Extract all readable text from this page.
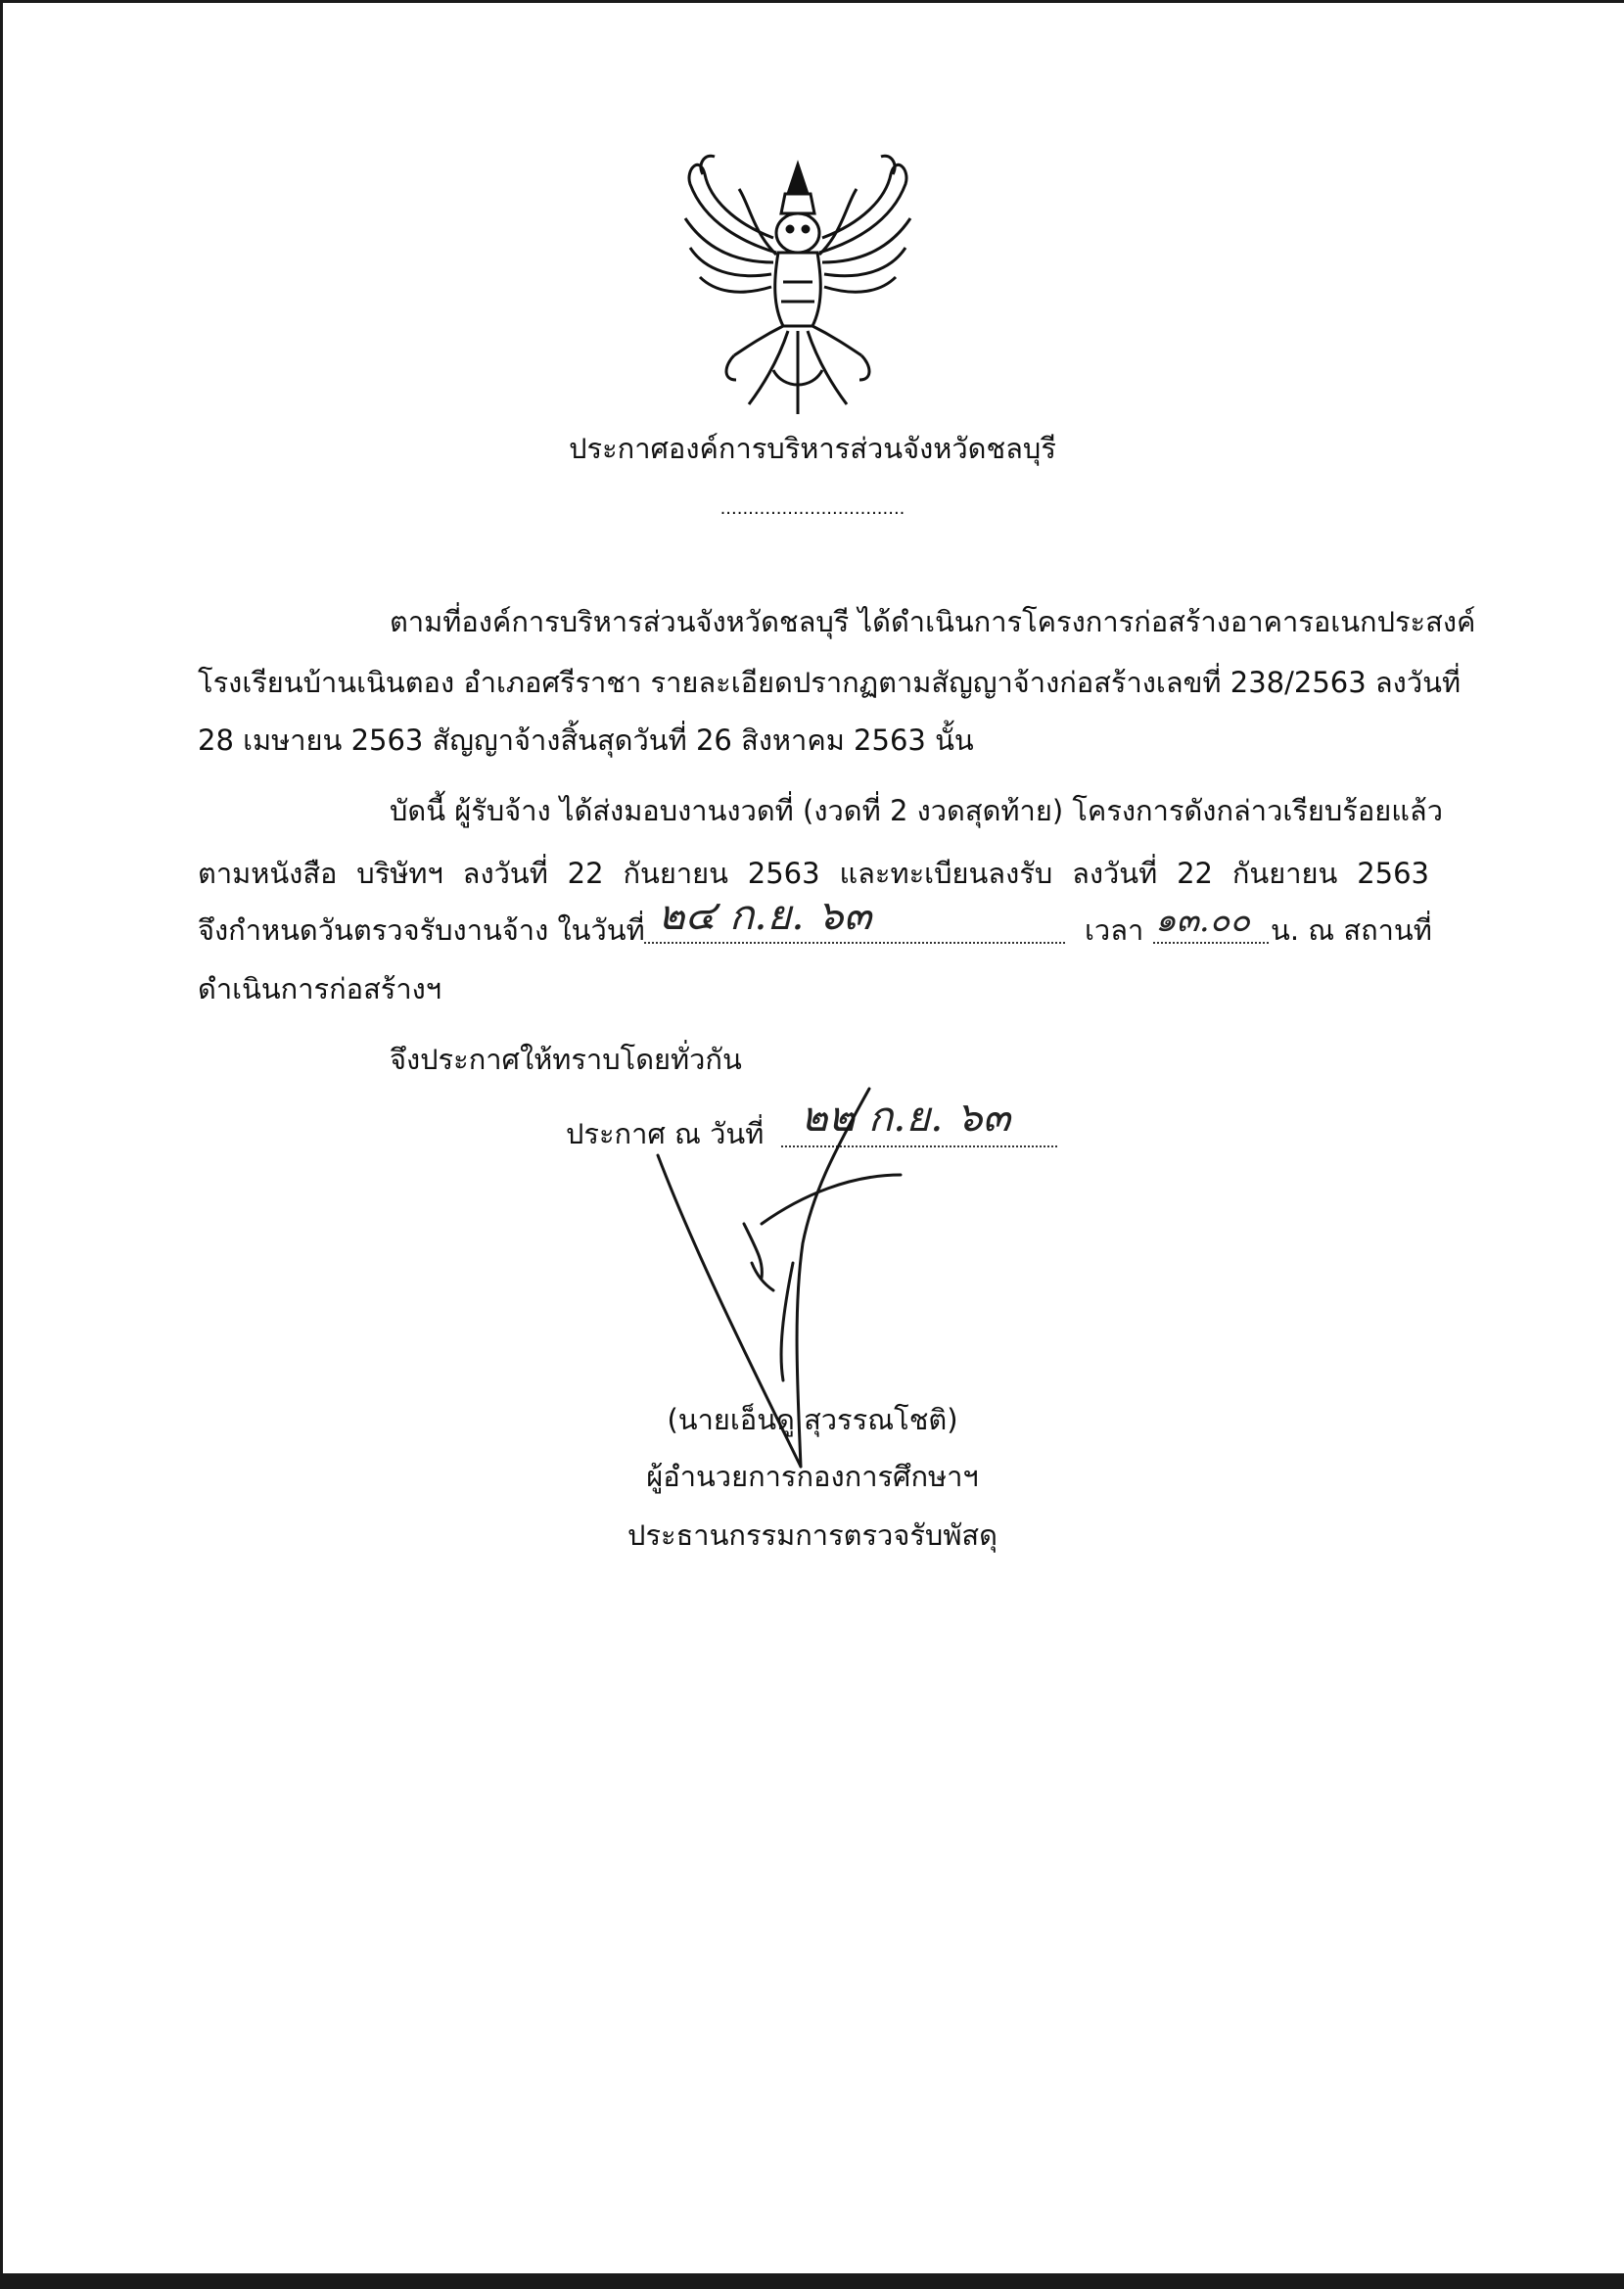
ประกาศองค์การบริหารส่วนจังหวัดชลบุรี
.................................
ตามที่องค์การบริหารส่วนจังหวัดชลบุรี ได้ดำเนินการโครงการก่อสร้างอาคารอเนกประสงค์
โรงเรียนบ้านเนินตอง อำเภอศรีราชา รายละเอียดปรากฏตามสัญญาจ้างก่อสร้างเลขที่ 238/2563 ลงวันที่
28 เมษายน 2563 สัญญาจ้างสิ้นสุดวันที่ 26 สิงหาคม 2563 นั้น
บัดนี้ ผู้รับจ้าง ได้ส่งมอบงานงวดที่ (งวดที่ 2 งวดสุดท้าย) โครงการดังกล่าวเรียบร้อยแล้ว
ตามหนังสือ บริษัทฯ ลงวันที่ 22 กันยายน 2563 และทะเบียนลงรับ ลงวันที่ 22 กันยายน 2563
จึงกำหนดวันตรวจรับงานจ้าง ในวันที่ ๒๔ ก.ย. ๖๓	เวลา ๑๓.๐๐ น. ณ สถานที่
ดำเนินการก่อสร้างฯ
จึงประกาศให้ทราบโดยทั่วกัน
ประกาศ ณ วันที่ ๒๒ ก.ย. ๖๓
(นายเอ็นดู สุวรรณโชติ)
ผู้อำนวยการกองการศึกษาฯ
ประธานกรรมการตรวจรับพัสดุ
